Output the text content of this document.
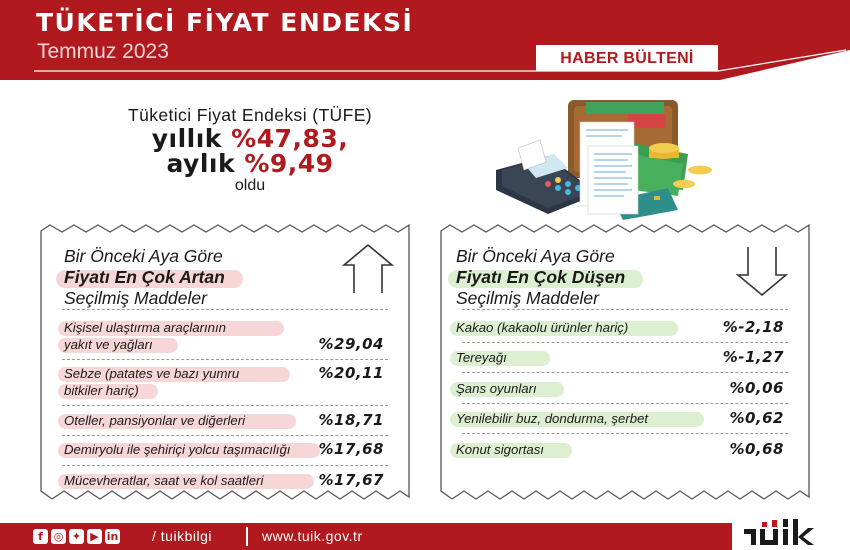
TÜKETİCİ FİYAT ENDEKSİ
Temmuz 2023	HABER BÜLTENİ
Tüketici Fiyat Endeksi (TÜFE)
yıllık %47,83,
aylık %9,49
oldu
Bir Önceki Aya Göre
Fiyatı En Çok Artan
Seçilmiş Maddeler
Kişisel ulaştırma araçlarının

yakıt ve yağları	%29,04
Sebze (patates ve bazı yumru

bitkiler hariç)
%20,11
Oteller, pansiyonlar ve diğerleri	%18,71
Demiryolu ile şehiriçi yolcu taşımacılığı %17,68
Mücevheratlar, saat ve kol saatleri	%17,67
Bir Önceki Aya Göre
Fiyatı En Çok Düşen
Seçilmiş Maddeler
Kakao (kakaolu ürünler hariç)	%-2,18
Tereyağı	%-1,27
Şans oyunları	%0,06
Yenilebilir buz, dondurma, şerbet	%0,62
Konut sigortası	%0,68
f ◎ ✦ ▶ in / tuikbilgi	www.tuik.gov.tr
